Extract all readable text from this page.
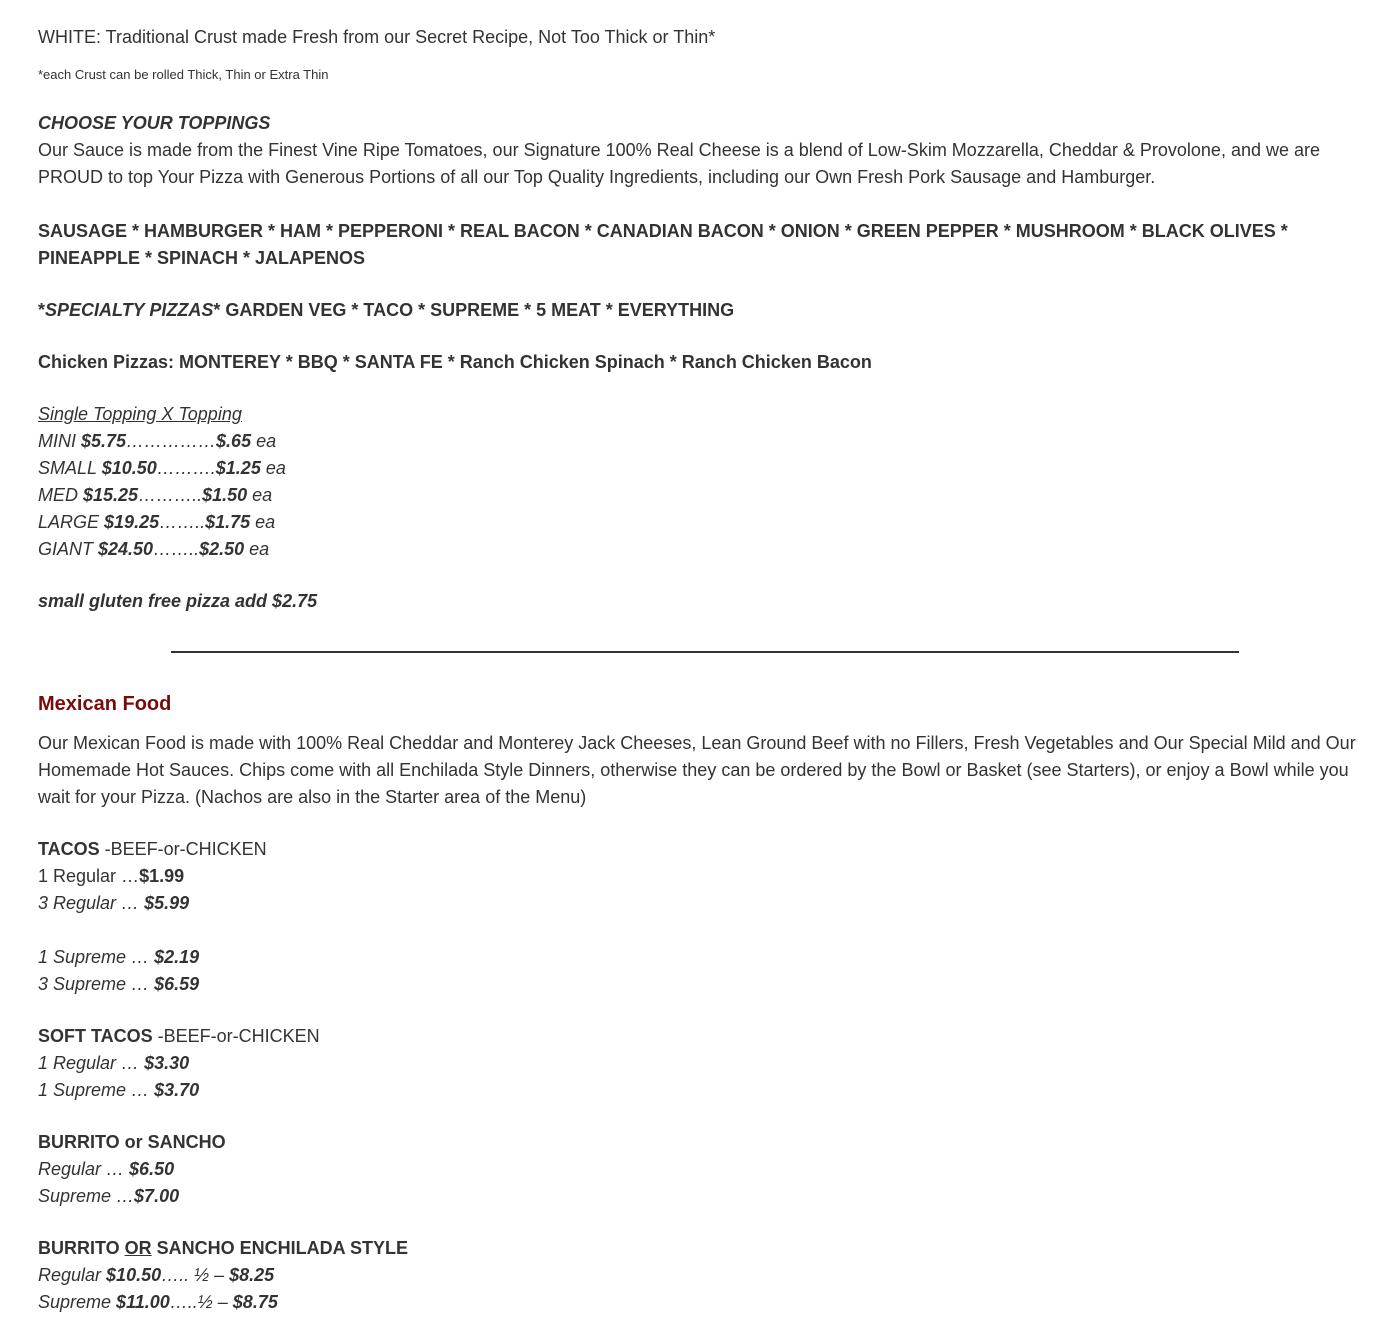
WHITE: Traditional Crust made Fresh from our Secret Recipe, Not Too Thick or Thin*

*each Crust can be rolled Thick, Thin or Extra Thin

CHOOSE YOUR TOPPINGS

Our Sauce is made from the Finest Vine Ripe Tomatoes, our Signature 100% Real Cheese is a blend of Low-Skim Mozzarella, Cheddar & Provolone, and we are

PROUD to top Your Pizza with Generous Portions of all our Top Quality Ingredients, including our Own Fresh Pork Sausage and Hamburger.

SAUSAGE * HAMBURGER * HAM * PEPPERONI * REAL BACON * CANADIAN BACON * ONION * GREEN PEPPER * MUSHROOM * BLACK OLIVES *

PINEAPPLE * SPINACH * JALAPENOS

*SPECIALTY PIZZAS* GARDEN VEG * TACO * SUPREME * 5 MEAT * EVERYTHING

Chicken Pizzas: MONTEREY * BBQ * SANTA FE * Ranch Chicken Spinach * Ranch Chicken Bacon

Single Topping X Topping

MINI $5.75……………$.65 ea

SMALL $10.50……….$1.25 ea

MED $15.25………..$1.50 ea

LARGE $19.25……..$1.75 ea

GIANT $24.50……..$2.50 ea

small gluten free pizza add $2.75

Mexican Food

Our Mexican Food is made with 100% Real Cheddar and Monterey Jack Cheeses, Lean Ground Beef with no Fillers, Fresh Vegetables and Our Special Mild and Our

Homemade Hot Sauces. Chips come with all Enchilada Style Dinners, otherwise they can be ordered by the Bowl or Basket (see Starters), or enjoy a Bowl while you

wait for your Pizza. (Nachos are also in the Starter area of the Menu)

TACOS -BEEF-or-CHICKEN

1 Regular …$1.99

3 Regular … $5.99

1 Supreme … $2.19

3 Supreme … $6.59

SOFT TACOS -BEEF-or-CHICKEN

1 Regular … $3.30

1 Supreme … $3.70

BURRITO or SANCHO

Regular … $6.50

Supreme …$7.00

BURRITO OR SANCHO ENCHILADA STYLE

Regular $10.50….. ½ – $8.25

Supreme $11.00…..½ – $8.75
